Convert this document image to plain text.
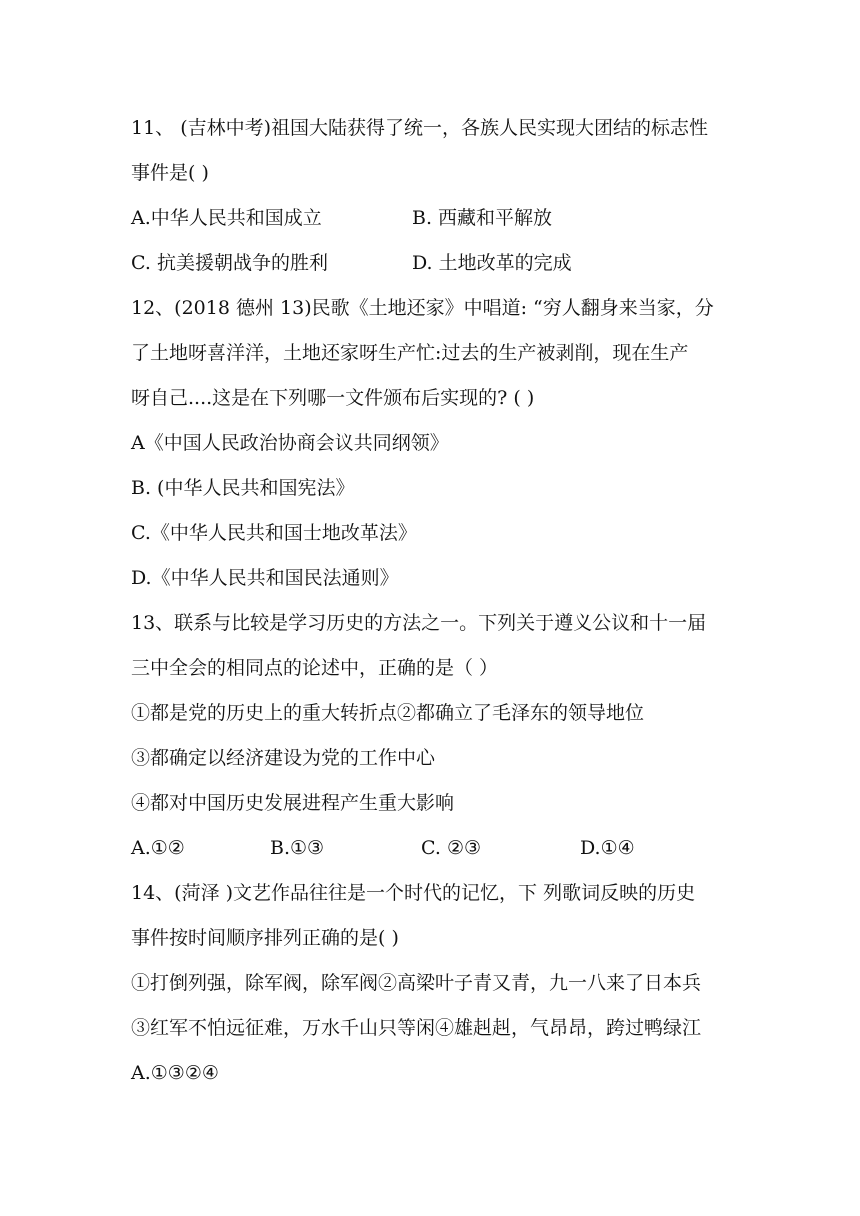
11、 (吉林中考)祖国大陆获得了统一，各族人民实现大团结的标志性
事件是( )
A.中华人民共和国成立	B. 西藏和平解放
C. 抗美援朝战争的胜利	D. 土地改革的完成
12、(2018 德州 13)民歌《土地还家》中唱道: “穷人翻身来当家，分
了土地呀喜洋洋，土地还家呀生产忙:过去的生产被剥削，现在生产
呀自己....这是在下列哪一文件颁布后实现的? ( )
A《中国人民政治协商会议共同纲领》
B. (中华人民共和国宪法》
C.《中华人民共和国士地改革法》
D.《中华人民共和国民法通则》
13、联系与比较是学习历史的方法之一。下列关于遵义公议和十一届
三中全会的相同点的论述中，正确的是（ ）
①都是党的历史上的重大转折点②都确立了毛泽东的领导地位
③都确定以经济建设为党的工作中心
④都对中国历史发展进程产生重大影响
A.①②	B.①③	C. ②③	D.①④
14、(菏泽 )文艺作品往往是一个时代的记忆，下 列歌词反映的历史
事件按时间顺序排列正确的是( )
①打倒列强，除军阀，除军阀②高梁叶子青又青，九一八来了日本兵
③红军不怕远征难，万水千山只等闲④雄赳赳，气昂昂，跨过鸭绿江
A.①③②④
